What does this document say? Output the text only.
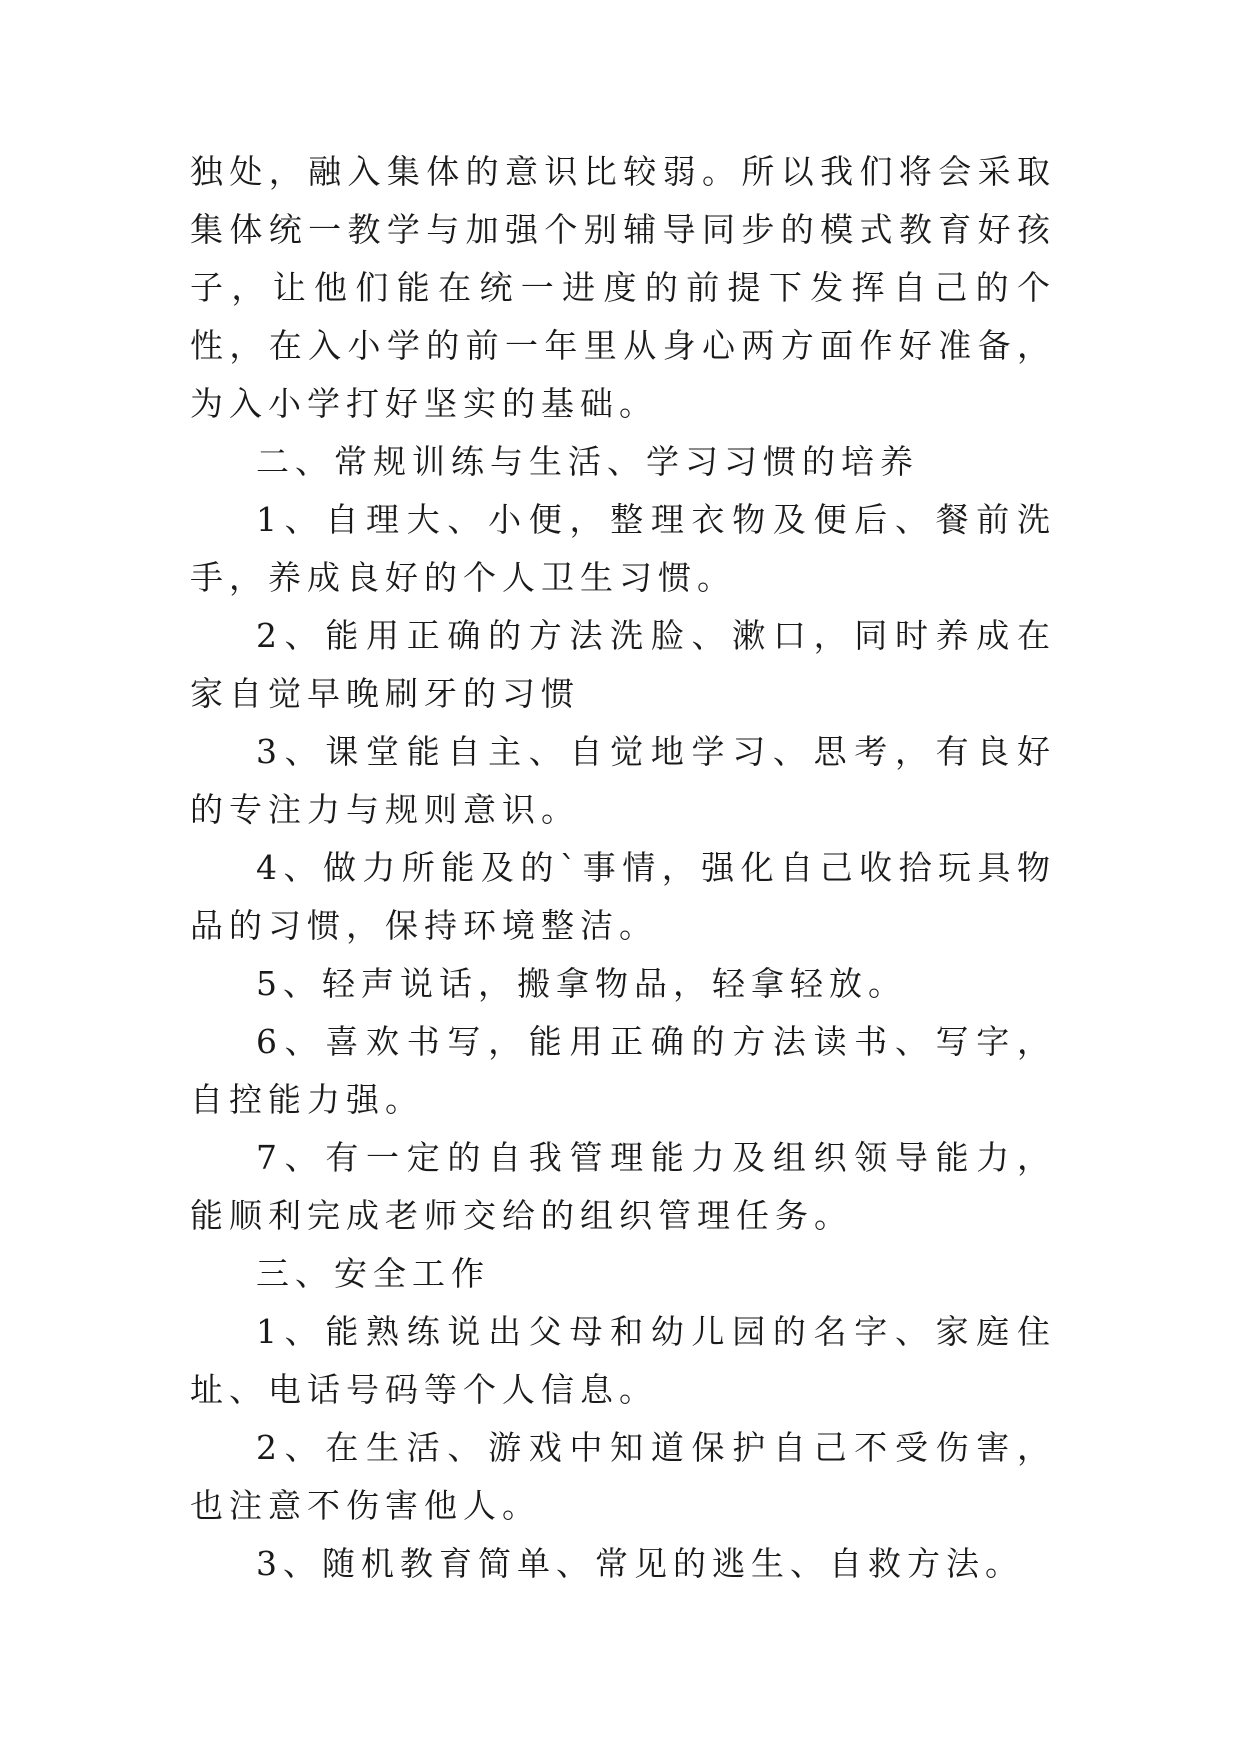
独处，融入集体的意识比较弱。所以我们将会采取集体统一教学与加强个别辅导同步的模式教育好孩子，让他们能在统一进度的前提下发挥自己的个性，在入小学的前一年里从身心两方面作好准备，为入小学打好坚实的基础。

二、常规训练与生活、学习习惯的培养

1、自理大、小便，整理衣物及便后、餐前洗手，养成良好的个人卫生习惯。

2、能用正确的方法洗脸、漱口，同时养成在家自觉早晚刷牙的习惯

3、课堂能自主、自觉地学习、思考，有良好的专注力与规则意识。

4、做力所能及的`事情，强化自己收拾玩具物品的习惯，保持环境整洁。

5、轻声说话，搬拿物品，轻拿轻放。

6、喜欢书写，能用正确的方法读书、写字，自控能力强。

7、有一定的自我管理能力及组织领导能力，能顺利完成老师交给的组织管理任务。

三、安全工作

1、能熟练说出父母和幼儿园的名字、家庭住址、电话号码等个人信息。

2、在生活、游戏中知道保护自己不受伤害，也注意不伤害他人。

3、随机教育简单、常见的逃生、自救方法。
